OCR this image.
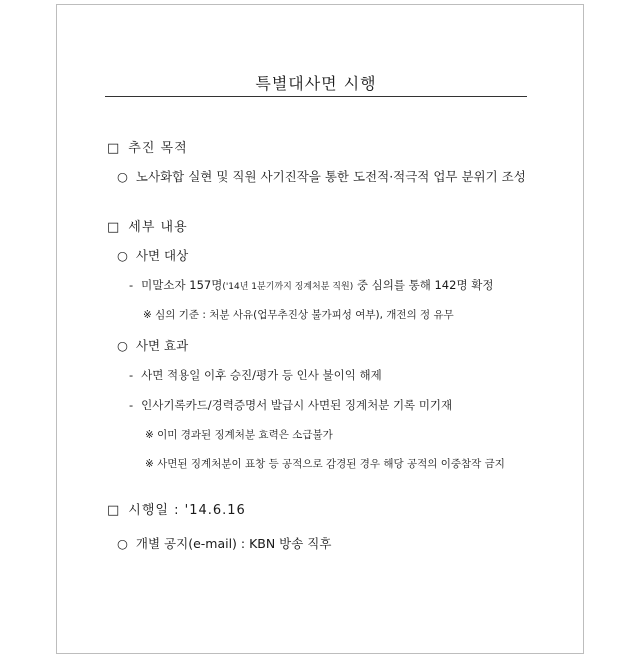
특별대사면 시행
□ 추진 목적
○ 노사화합 실현 및 직원 사기진작을 통한 도전적·적극적 업무 분위기 조성
□ 세부 내용
○ 사면 대상
- 미말소자 157명('14년 1분기까지 징계처분 직원) 중 심의를 통해 142명 확정
※ 심의 기준 : 처분 사유(업무추진상 불가피성 여부), 개전의 정 유무
○ 사면 효과
- 사면 적용일 이후 승진/평가 등 인사 불이익 해제
- 인사기록카드/경력증명서 발급시 사면된 징계처분 기록 미기재
※ 이미 경과된 징계처분 효력은 소급불가
※ 사면된 징계처분이 표창 등 공적으로 감경된 경우 해당 공적의 이중참작 금지
□ 시행일 : '14.6.16
○ 개별 공지(e-mail) : KBN 방송 직후
